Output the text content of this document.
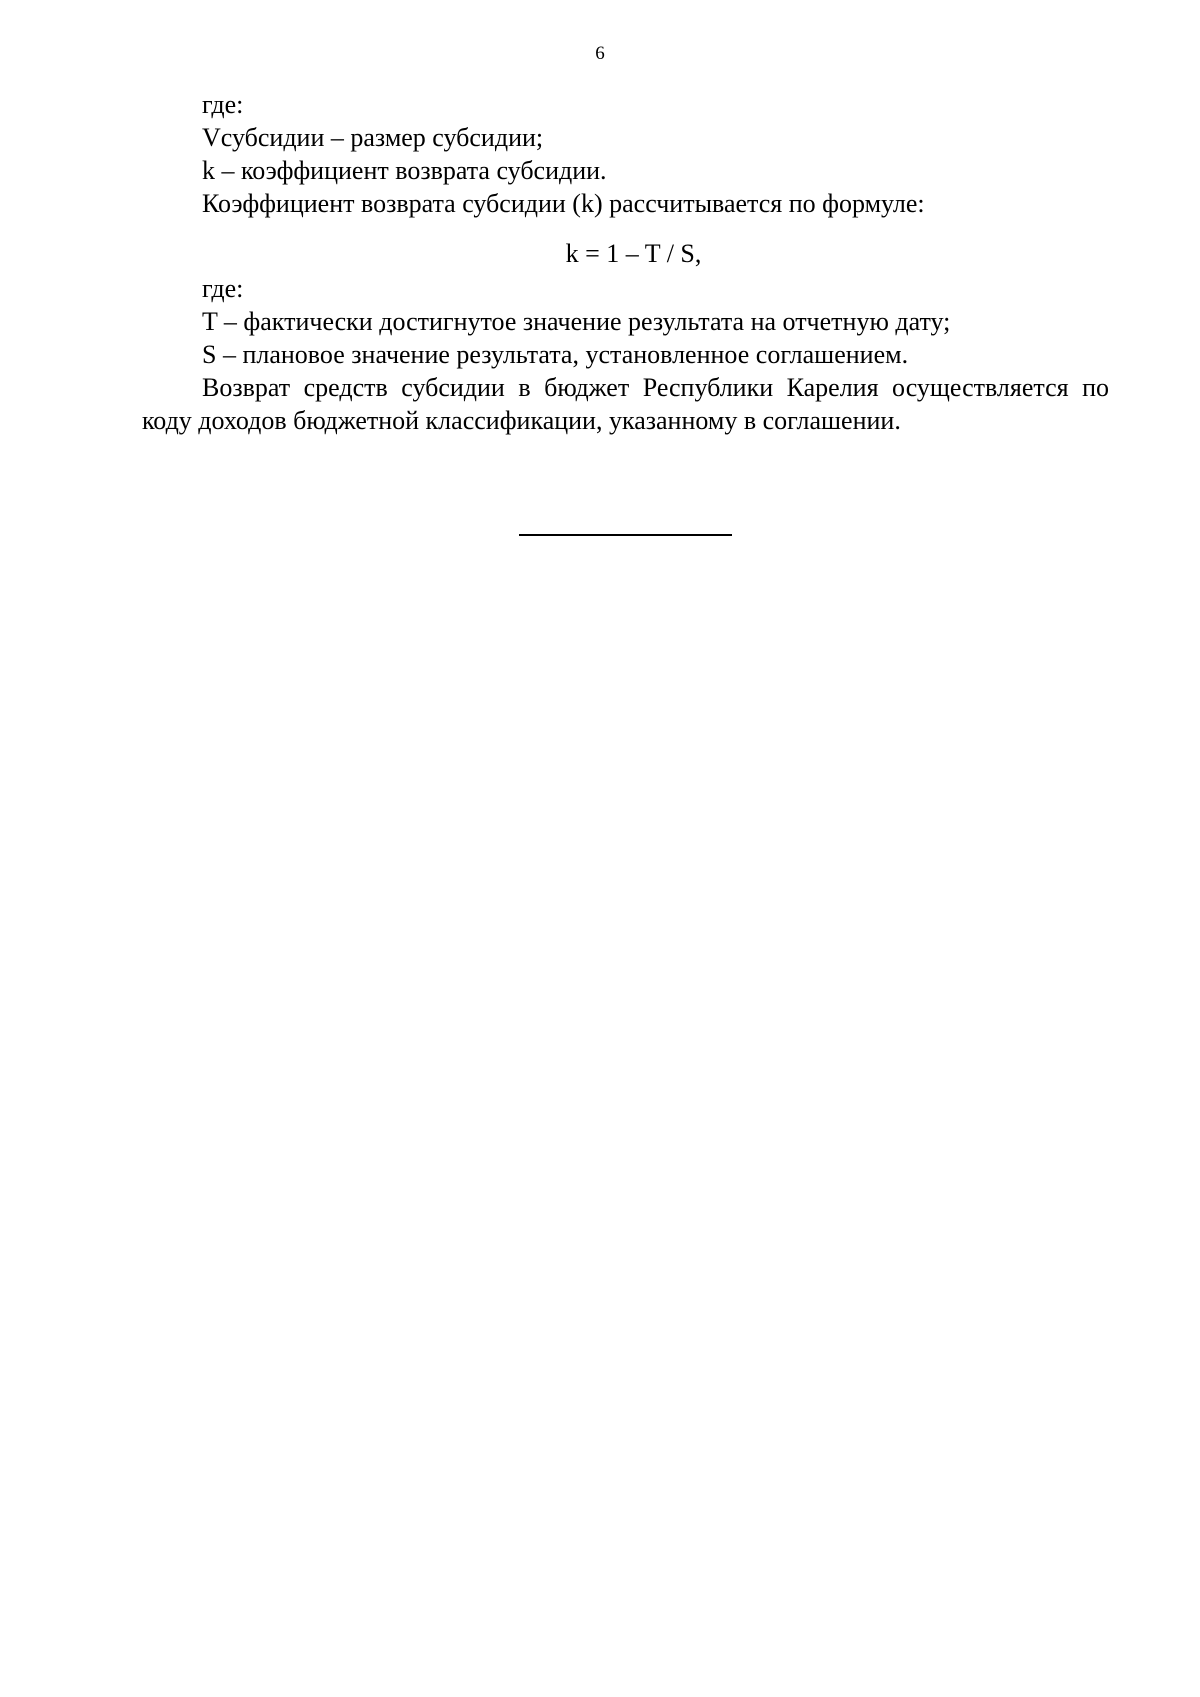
6
где:
Vсубсидии – размер субсидии;
k – коэффициент возврата субсидии.
Коэффициент возврата субсидии (k) рассчитывается по формуле:
k = 1 – T / S,
где:
T – фактически достигнутое значение результата на отчетную дату;
S – плановое значение результата, установленное соглашением.
Возврат средств субсидии в бюджет Республики Карелия осуществляется по коду доходов бюджетной классификации, указанному в соглашении.
